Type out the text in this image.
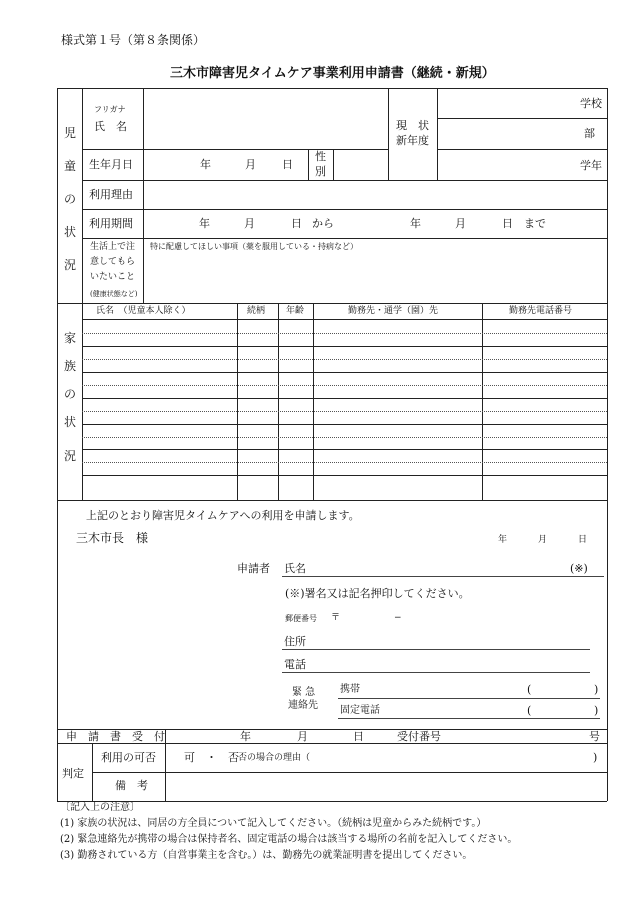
様式第１号（第８条関係）
三木市障害児タイムケア事業利用申請書（継続・新規）
児
童
の
状
況
フリガナ
氏　名	現　状
新年度
学校
部
学年
生年月日	年	月 日
性
別
利用理由
利用期間	年	月	日 から	年	月	日 まで
生活上で注
意してもら
いたいこと
(健康状態など)
特に配慮してほしい事項（薬を服用している・持病など）
氏名　（児童本人除く）	続柄 年齢	勤務先・通学（園）先	勤務先電話番号
家
族
の
状
況
上記のとおり障害児タイムケアへの利用を申請します。
三木市長　様	年	月	日
申請者 氏名	(※)
(※)署名又は記名押印してください。
郵便番号 〒	−
住所
電話
緊 急
連絡先
携帯	(	)
固定電話	(	)
申　請　書　受　付	年	月	日	受付番号	号
判定
利用の可否	可　・　否 否の場合の理由（	)
備　考
〔記入上の注意〕
(1) 家族の状況は、同居の方全員について記入してください。（続柄は児童からみた続柄です。）
(2) 緊急連絡先が携帯の場合は保持者名、固定電話の場合は該当する場所の名前を記入してください。
(3) 勤務されている方（自営事業主を含む。）は、勤務先の就業証明書を提出してください。
